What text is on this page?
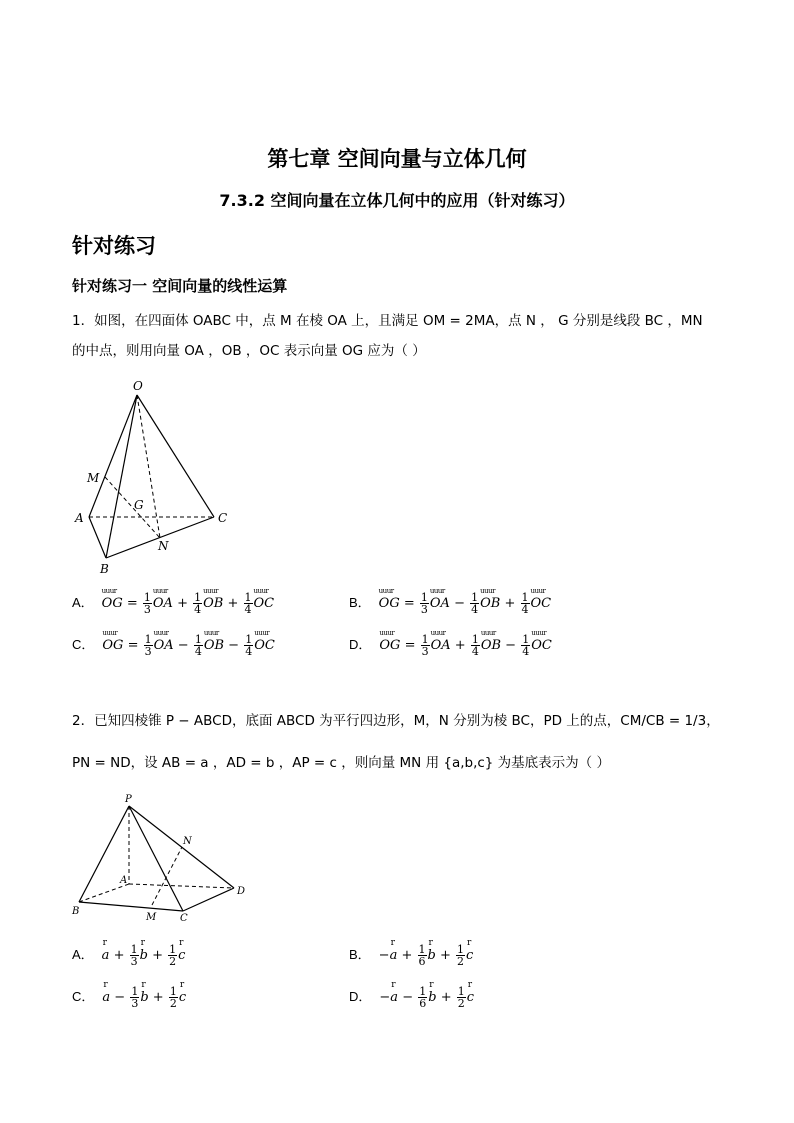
第七章 空间向量与立体几何
7.3.2 空间向量在立体几何中的应用（针对练习）
针对练习
针对练习一 空间向量的线性运算
1．如图，在四面体 OABC 中，点 M 在棱 OA 上，且满足 OM = 2MA，点 N ， G 分别是线段 BC ，MN
的中点，则用向量 OA ，OB ，OC 表示向量 OG 应为（ ）
O
M
G
A	C
N
B
A． uuur OG = $\frac{1}{3}$ uuur OA + $\frac{1}{4}$ uuur OB + $\frac{1}{4}$ uuur OC	B． uuur OG = $\frac{1}{3}$ uuur OA − $\frac{1}{4}$ uuur OB + $\frac{1}{4}$ uuur OC
C． uuur OG = $\frac{1}{3}$ uuur OA − $\frac{1}{4}$ uuur OB − $\frac{1}{4}$ uuur OC	D． uuur OG = $\frac{1}{3}$ uuur OA + $\frac{1}{4}$ uuur OB − $\frac{1}{4}$ uuur OC
2．已知四棱锥 P − ABCD，底面 ABCD 为平行四边形，M，N 分别为棱 BC，PD 上的点，CM/CB = 1/3，
PN = ND，设 AB = a ，AD = b ，AP = c ，则向量 MN 用 {a,b,c} 为基底表示为（ ）
P
N
A
D
B
M C
A． r $a + \frac{1}{3}$ r $b + \frac{1}{2}$ r c	B． −r $a + \frac{1}{6}$ r $b + \frac{1}{2}$ r c
C． r $a - \frac{1}{3}$ r $b + \frac{1}{2}$ r c	D． −r $a - \frac{1}{6}$ r $b + \frac{1}{2}$ r c
